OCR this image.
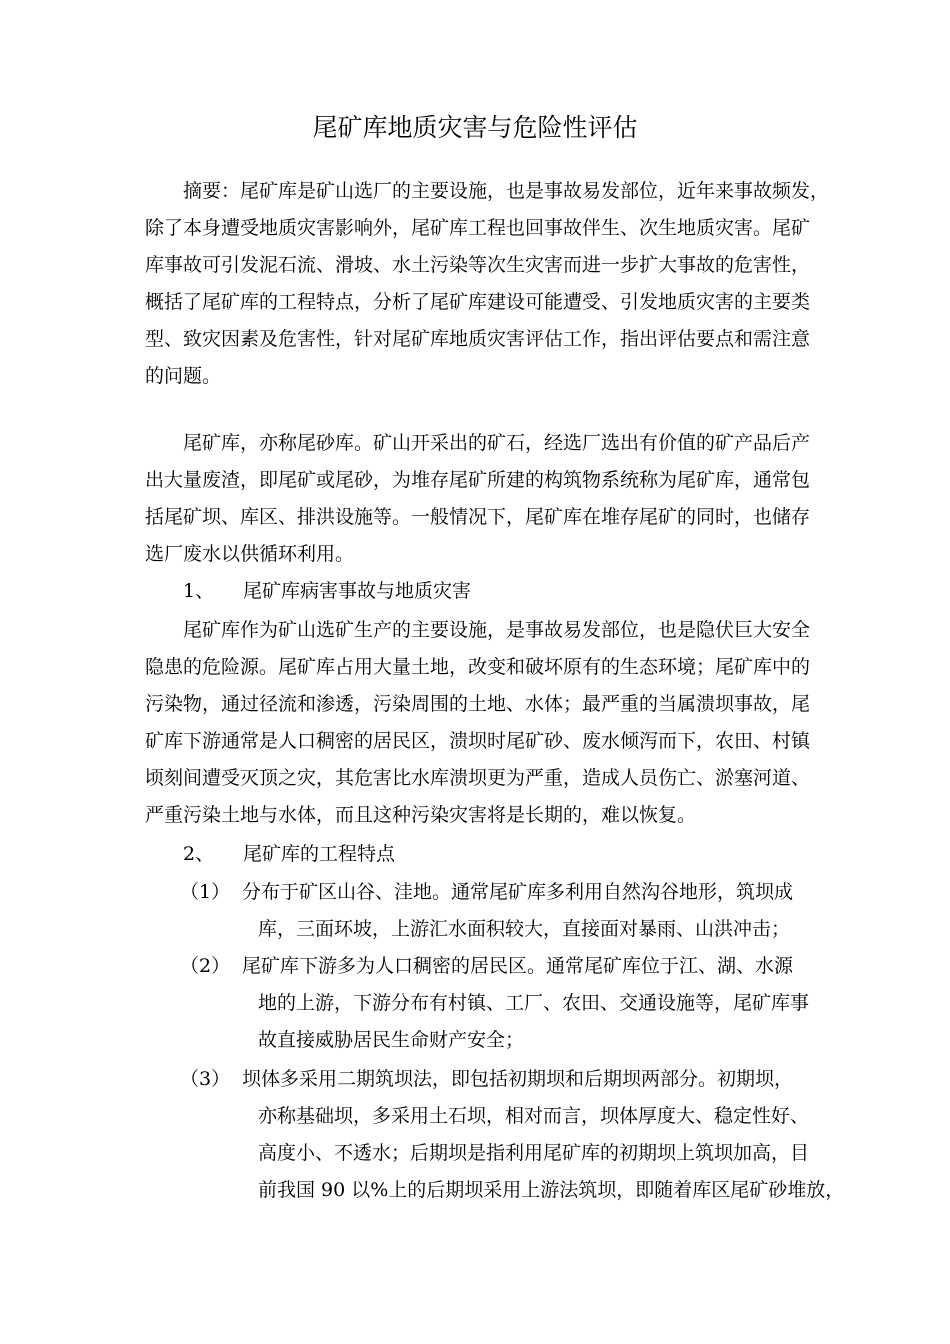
尾矿库地质灾害与危险性评估
摘要：尾矿库是矿山选厂的主要设施，也是事故易发部位，近年来事故频发，
除了本身遭受地质灾害影响外，尾矿库工程也回事故伴生、次生地质灾害。尾矿
库事故可引发泥石流、滑坡、水土污染等次生灾害而进一步扩大事故的危害性，
概括了尾矿库的工程特点，分析了尾矿库建设可能遭受、引发地质灾害的主要类
型、致灾因素及危害性，针对尾矿库地质灾害评估工作，指出评估要点和需注意
的问题。
尾矿库，亦称尾砂库。矿山开采出的矿石，经选厂选出有价值的矿产品后产
出大量废渣，即尾矿或尾砂，为堆存尾矿所建的构筑物系统称为尾矿库，通常包
括尾矿坝、库区、排洪设施等。一般情况下，尾矿库在堆存尾矿的同时，也储存
选厂废水以供循环利用。
1、 尾矿库病害事故与地质灾害
尾矿库作为矿山选矿生产的主要设施，是事故易发部位，也是隐伏巨大安全
隐患的危险源。尾矿库占用大量土地，改变和破坏原有的生态环境；尾矿库中的
污染物，通过径流和渗透，污染周围的土地、水体；最严重的当属溃坝事故，尾
矿库下游通常是人口稠密的居民区，溃坝时尾矿砂、废水倾泻而下，农田、村镇
顷刻间遭受灭顶之灾，其危害比水库溃坝更为严重，造成人员伤亡、淤塞河道、
严重污染土地与水体，而且这种污染灾害将是长期的，难以恢复。
2、 尾矿库的工程特点
（1） 分布于矿区山谷、洼地。通常尾矿库多利用自然沟谷地形，筑坝成
库，三面环坡，上游汇水面积较大，直接面对暴雨、山洪冲击；
（2） 尾矿库下游多为人口稠密的居民区。通常尾矿库位于江、湖、水源
地的上游，下游分布有村镇、工厂、农田、交通设施等，尾矿库事
故直接威胁居民生命财产安全；
（3） 坝体多采用二期筑坝法，即包括初期坝和后期坝两部分。初期坝，
亦称基础坝，多采用土石坝，相对而言，坝体厚度大、稳定性好、
高度小、不透水；后期坝是指利用尾矿库的初期坝上筑坝加高，目
前我国 90 以%上的后期坝采用上游法筑坝，即随着库区尾矿砂堆放，
